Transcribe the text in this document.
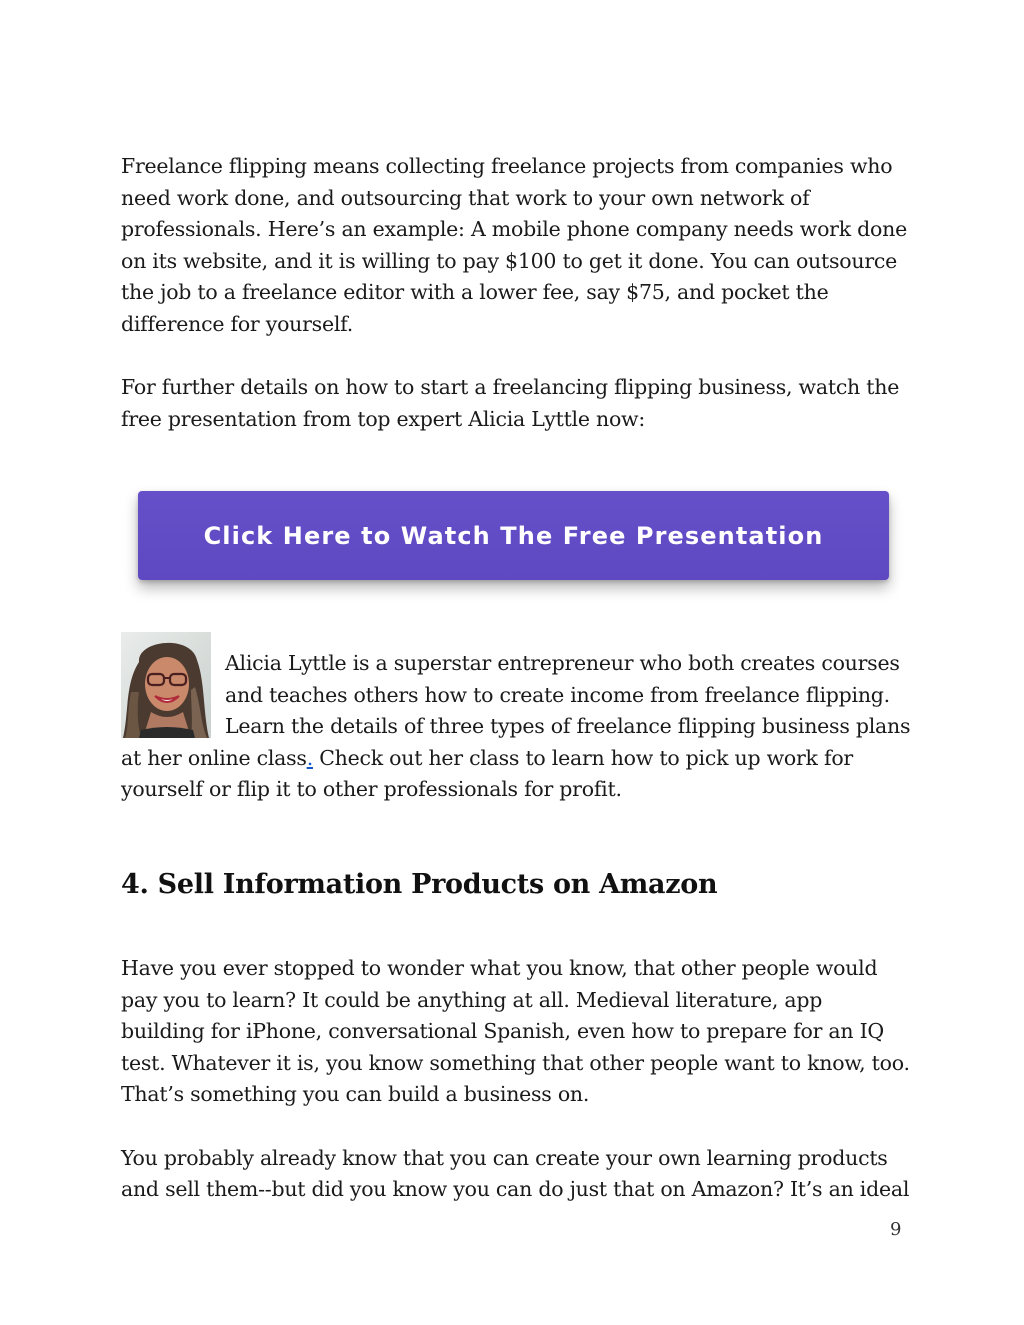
Freelance flipping means collecting freelance projects from companies who need work done, and outsourcing that work to your own network of professionals. Here’s an example: A mobile phone company needs work done on its website, and it is willing to pay $100 to get it done. You can outsource the job to a freelance editor with a lower fee, say $75, and pocket the difference for yourself.

For further details on how to start a freelancing flipping business, watch the free presentation from top expert Alicia Lyttle now:

Click Here to Watch The Free Presentation

Alicia Lyttle is a superstar entrepreneur who both creates courses and teaches others how to create income from freelance flipping. Learn the details of three types of freelance flipping business plans at her online class. Check out her class to learn how to pick up work for yourself or flip it to other professionals for profit.

4. Sell Information Products on Amazon

Have you ever stopped to wonder what you know, that other people would pay you to learn? It could be anything at all. Medieval literature, app building for iPhone, conversational Spanish, even how to prepare for an IQ test. Whatever it is, you know something that other people want to know, too. That’s something you can build a business on.

You probably already know that you can create your own learning products and sell them--but did you know you can do just that on Amazon? It’s an ideal

9
